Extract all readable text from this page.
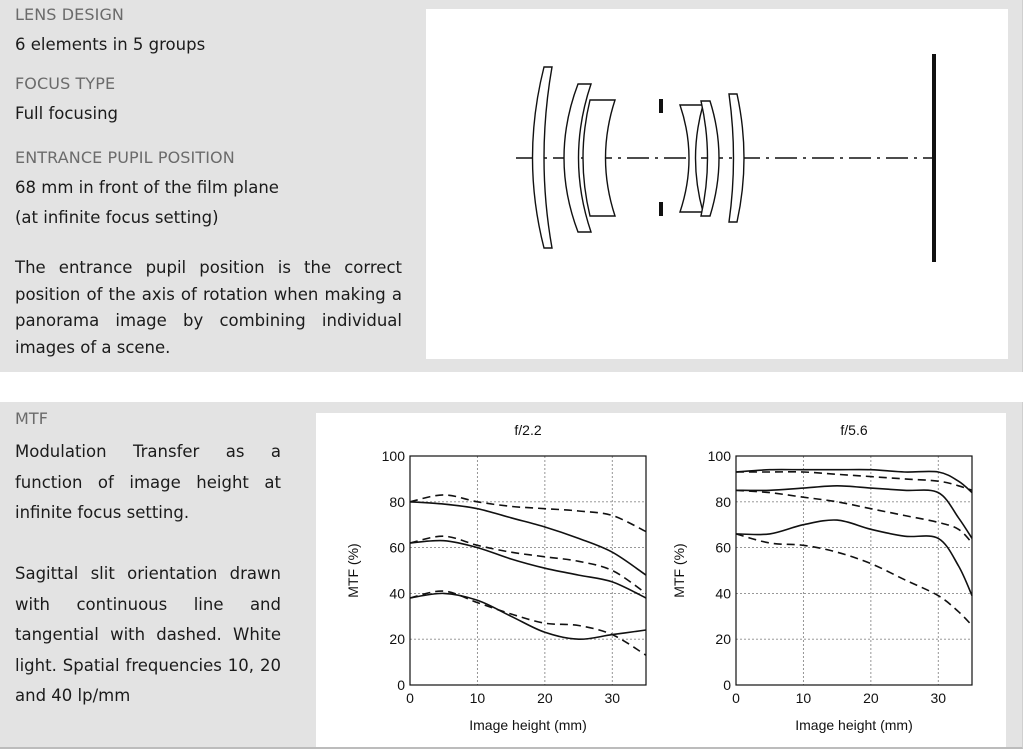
LENS DESIGN
6 elements in 5 groups
FOCUS TYPE
Full focusing
ENTRANCE PUPIL POSITION
68 mm in front of the film plane
(at infinite focus setting)
The entrance pupil position is the correct position of the axis of rotation when making a panorama image by combining individual images of a scene.
MTF
Modulation Transfer as a function of image height at infinite focus setting.
Sagittal slit orientation drawn with continuous line and tangential with dashed. White light. Spatial frequencies 10, 20 and 40 lp/mm	0	10	20	30
0
20
40
60
80
100
f/2.2
Image height (mm)
MTF (%)
0	10	20	30
0
20
40
60
80
100
f/5.6
Image height (mm)
MTF (%)
